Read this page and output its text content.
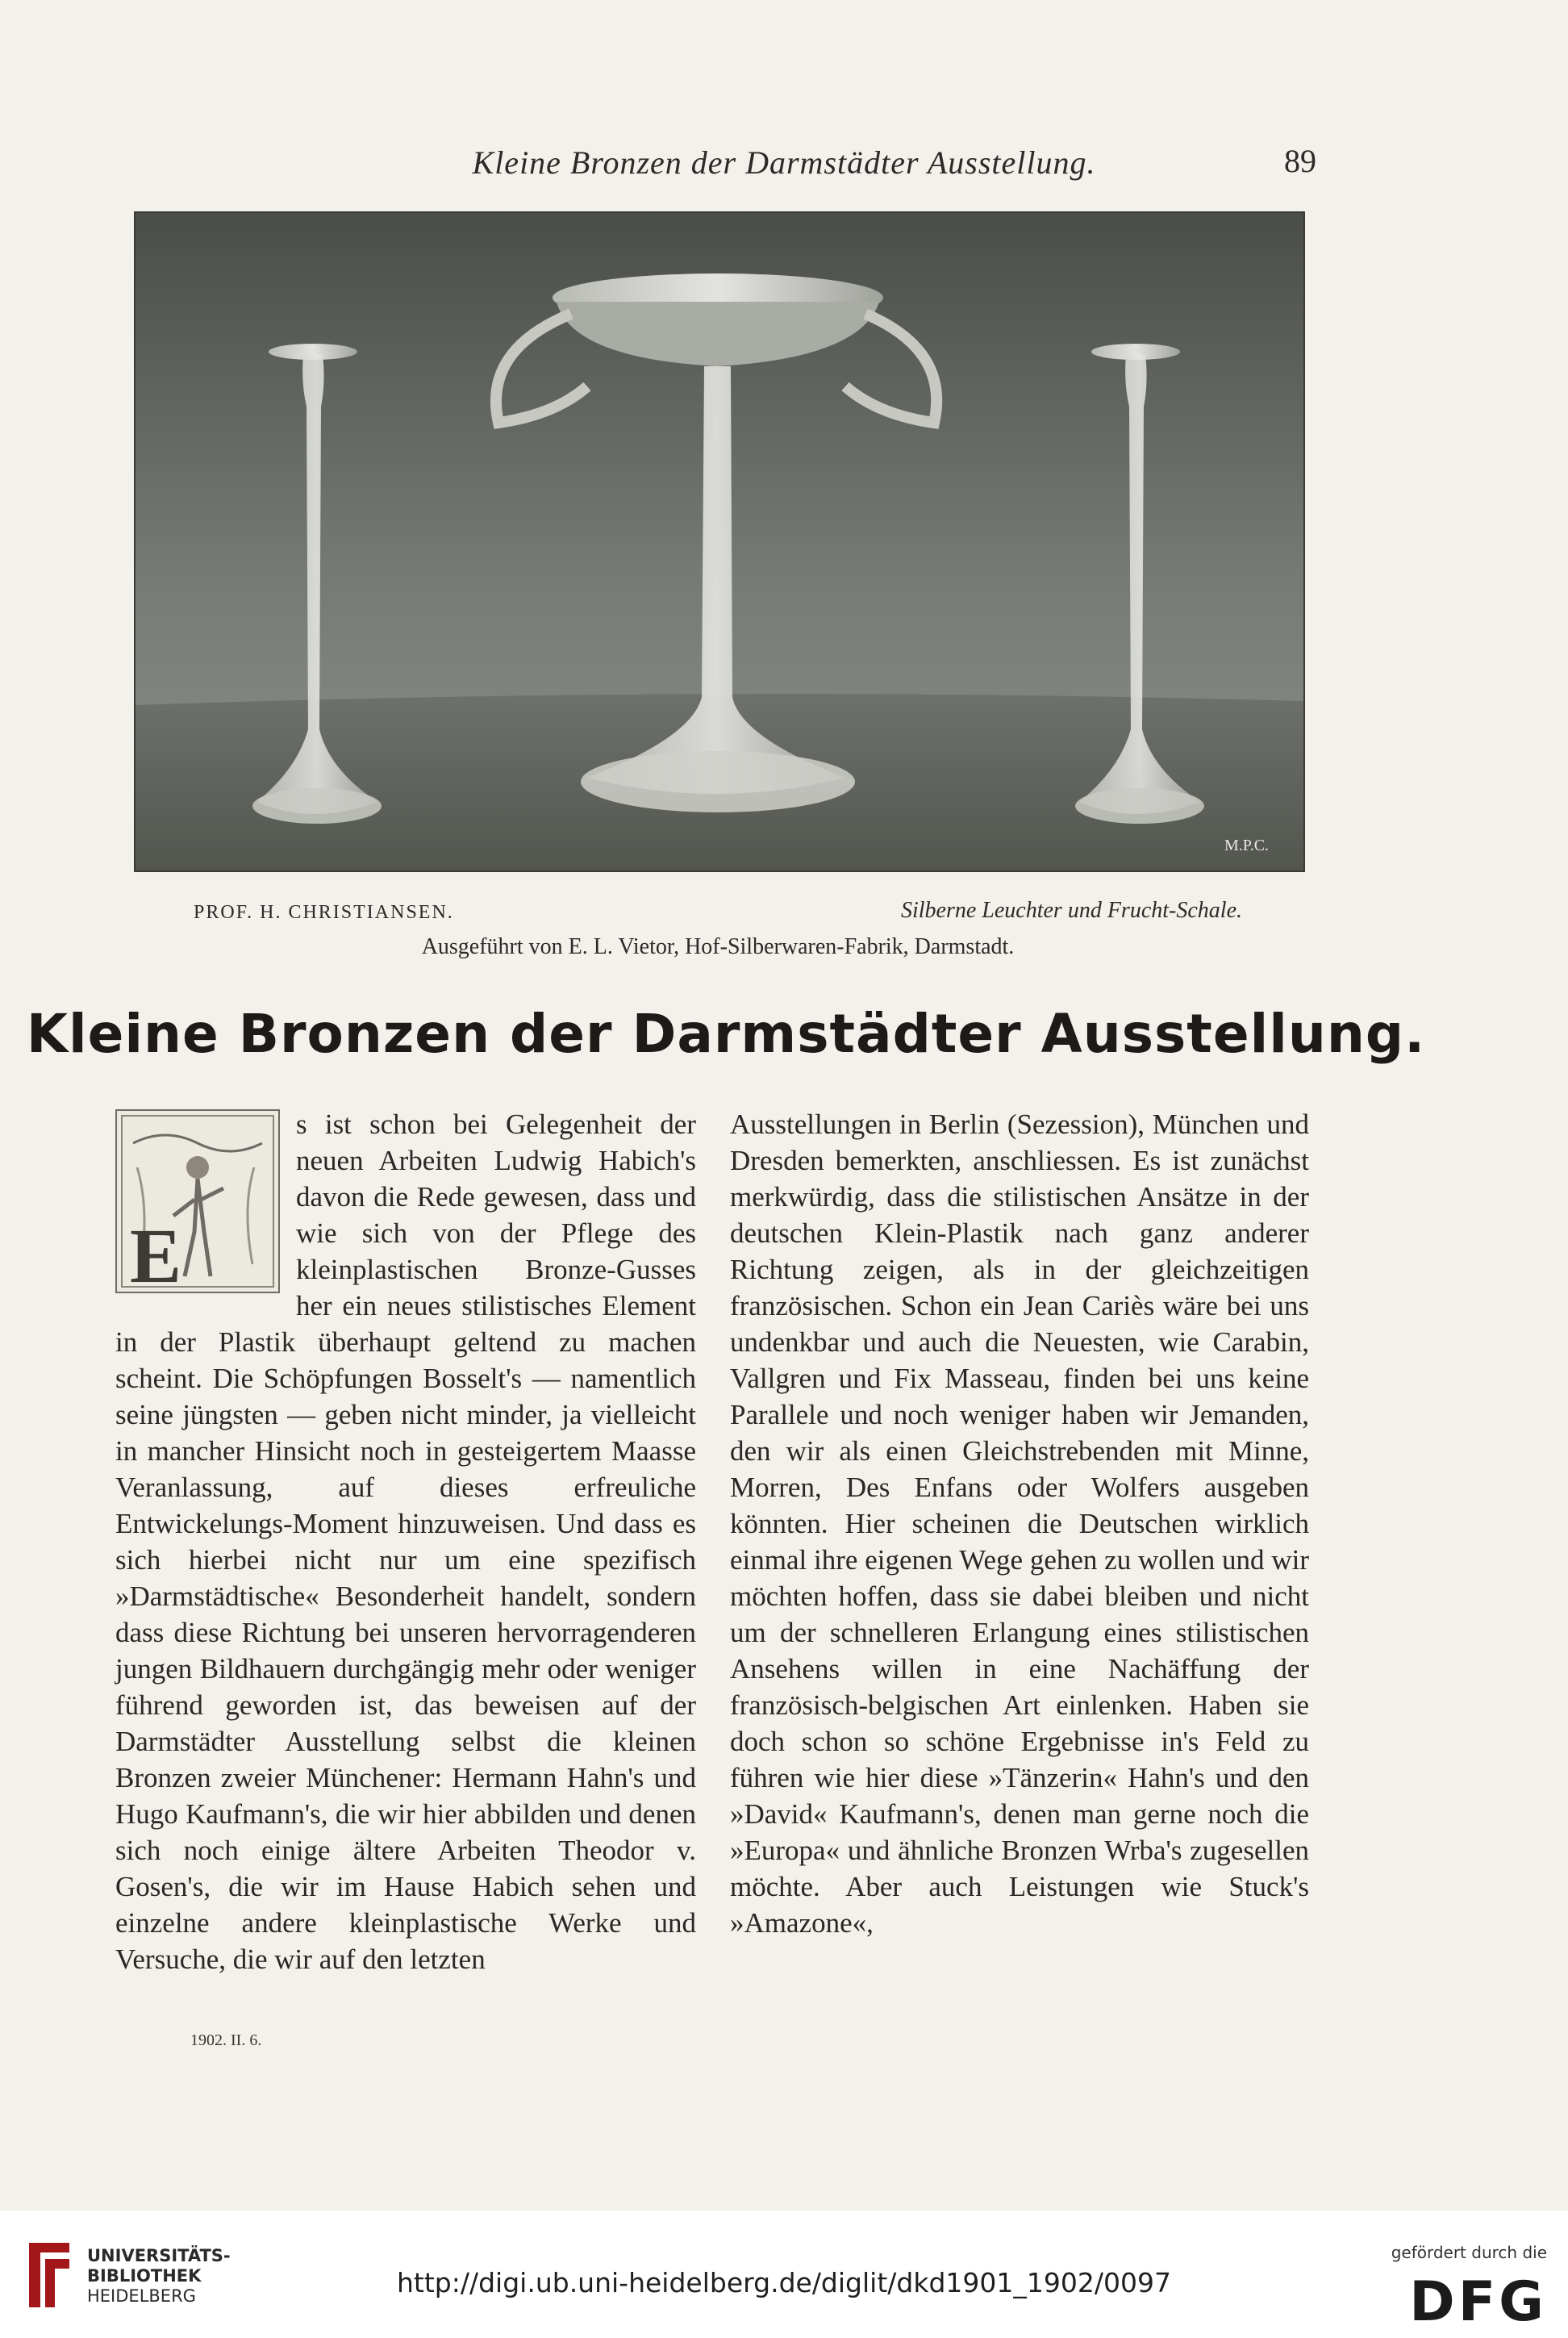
Kleine Bronzen der Darmstädter Ausstellung.	89
M.P.C.
PROF. H. CHRISTIANSEN.	Silberne Leuchter und Frucht-Schale.
Ausgeführt von E. L. Vietor, Hof-Silberwaren-Fabrik, Darmstadt.
Kleine Bronzen der Darmstädter Ausstellung.
E

s ist schon bei Gelegenheit der neuen Arbeiten Ludwig Habich's davon die Rede gewesen, dass und wie sich von der Pflege des kleinplastischen Bronze-Gusses her ein neues stilistisches Element in der Plastik überhaupt geltend zu machen scheint. Die Schöpfungen Bosselt's — namentlich seine jüngsten — geben nicht minder, ja vielleicht in mancher Hinsicht noch in gesteigertem Maasse Veranlassung, auf dieses erfreuliche Entwickelungs-Moment hinzuweisen. Und dass es sich hierbei nicht nur um eine spezifisch »Darmstädtische« Besonderheit handelt, sondern dass diese Richtung bei unseren hervorragenderen jungen Bildhauern durchgängig mehr oder weniger führend geworden ist, das beweisen auf der Darmstädter Ausstellung selbst die kleinen Bronzen zweier Münchener: Hermann Hahn's und Hugo Kaufmann's, die wir hier abbilden und denen sich noch einige ältere Arbeiten Theodor v. Gosen's, die wir im Hause Habich sehen und einzelne andere kleinplastische Werke und Versuche, die wir auf den letzten

Ausstellungen in Berlin (Sezession), München und Dresden bemerkten, anschliessen. Es ist zunächst merkwürdig, dass die stilistischen Ansätze in der deutschen Klein-Plastik nach ganz anderer Richtung zeigen, als in der gleichzeitigen französischen. Schon ein Jean Cariès wäre bei uns undenkbar und auch die Neuesten, wie Carabin, Vallgren und Fix Masseau, finden bei uns keine Parallele und noch weniger haben wir Jemanden, den wir als einen Gleichstrebenden mit Minne, Morren, Des Enfans oder Wolfers ausgeben könnten. Hier scheinen die Deutschen wirklich einmal ihre eigenen Wege gehen zu wollen und wir möchten hoffen, dass sie dabei bleiben und nicht um der schnelleren Erlangung eines stilistischen Ansehens willen in eine Nachäffung der französisch-belgischen Art einlenken. Haben sie doch schon so schöne Ergebnisse in's Feld zu führen wie hier diese »Tänzerin« Hahn's und den »David« Kaufmann's, denen man gerne noch die »Europa« und ähnliche Bronzen Wrba's zugesellen möchte. Aber auch Leistungen wie Stuck's »Amazone«,

1902. II. 6.
UNIVERSITÄTS-
BIBLIOTHEK
HEIDELBERG	http://digi.ub.uni-heidelberg.de/diglit/dkd1901_1902/0097
gefördert durch die
DFG
